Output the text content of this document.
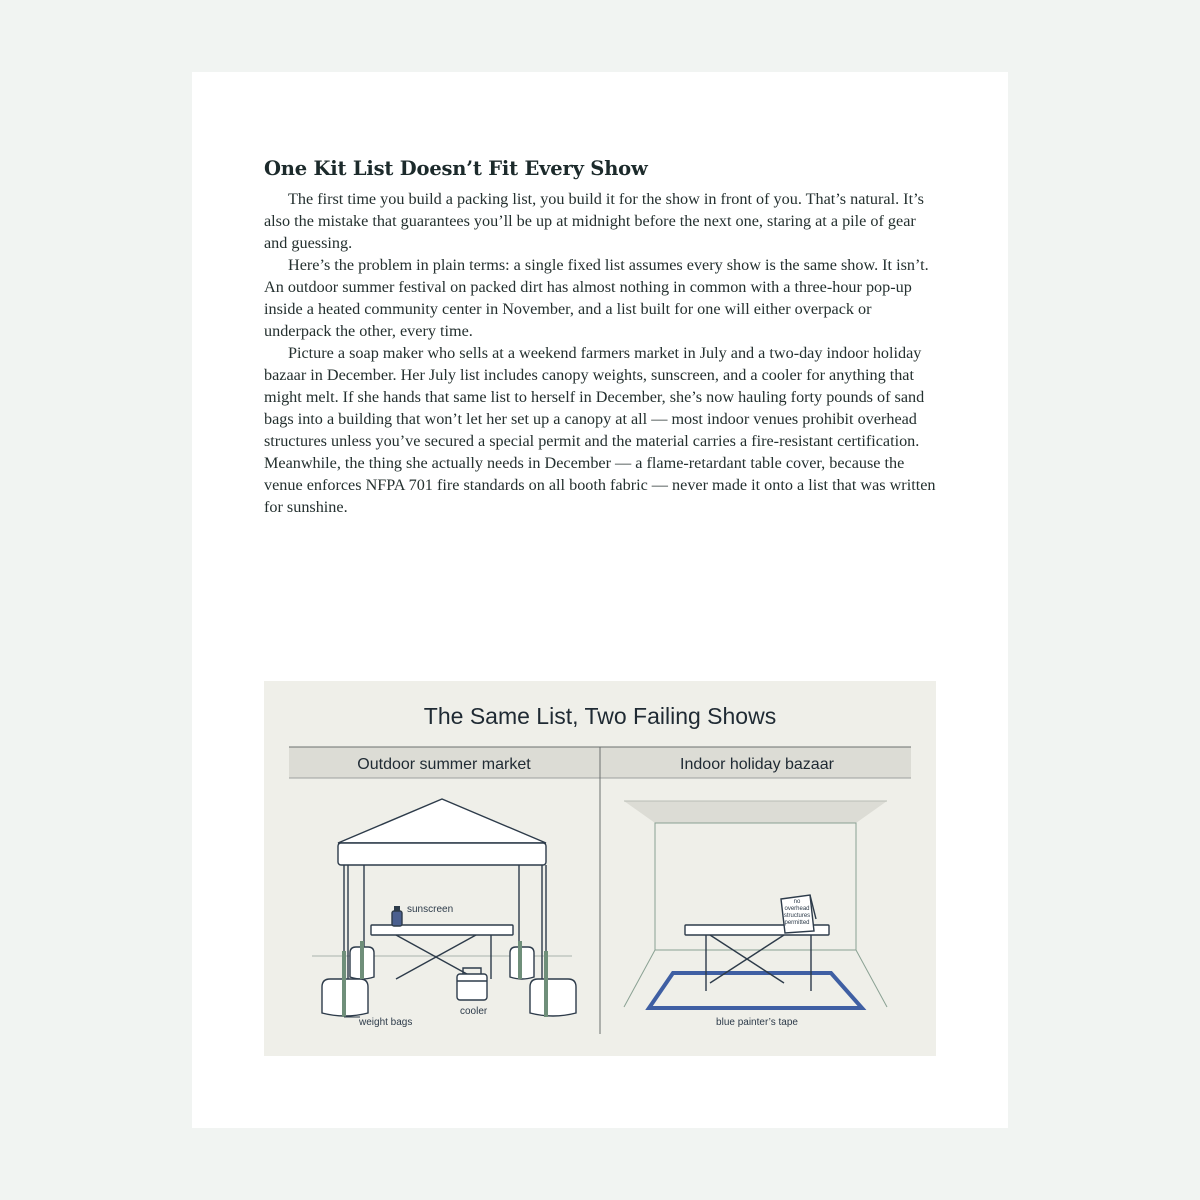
One Kit List Doesn’t Fit Every Show

The first time you build a packing list, you build it for the show in front of you. That’s natural. It’s also the mistake that guarantees you’ll be up at midnight before the next one, staring at a pile of gear and guessing.

Here’s the problem in plain terms: a single fixed list assumes every show is the same show. It isn’t. An outdoor summer festival on packed dirt has almost nothing in common with a three-hour pop-up inside a heated community center in November, and a list built for one will either overpack or underpack the other, every time.

Picture a soap maker who sells at a weekend farmers market in July and a two-day indoor holiday bazaar in December. Her July list includes canopy weights, sunscreen, and a cooler for anything that might melt. If she hands that same list to herself in December, she’s now hauling forty pounds of sand bags into a building that won’t let her set up a canopy at all — most indoor venues prohibit overhead structures unless you’ve secured a special permit and the material carries a fire-resistant certification. Meanwhile, the thing she actually needs in December — a flame-retardant table cover, because the venue enforces NFPA 701 fire standards on all booth fabric — never made it onto a list that was written for sunshine.

The Same List, Two Failing Shows
Outdoor summer market	Indoor holiday bazaar
sunscreen
weight bags
cooler
no
overhead
structures
permitted
blue painter’s tape
